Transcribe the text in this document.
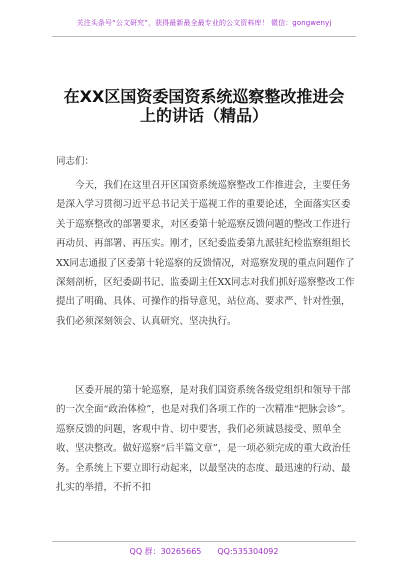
关注头条号“公文研究”，获得最新最全最专业的公文资料库！ 微信：gongwenyj
在XX区国资委国资系统巡察整改推进会
上的讲话（精品）

同志们：

今天，我们在这里召开区国资系统巡察整改工作推进会，主要任务是深入学习贯彻习近平总书记关于巡视工作的重要论述，全面落实区委关于巡察整改的部署要求，对区委第十轮巡察反馈问题的整改工作进行再动员、再部署、再压实。刚才，区纪委监委第九派驻纪检监察组组长XX同志通报了区委第十轮巡察的反馈情况，对巡察发现的重点问题作了深刻剖析，区纪委副书记、监委副主任XX同志对我们抓好巡察整改工作提出了明确、具体、可操作的指导意见，站位高、要求严、针对性强，我们必须深刻领会、认真研究、坚决执行。

区委开展的第十轮巡察，是对我们国资系统各级党组织和领导干部的一次全面“政治体检”，也是对我们各项工作的一次精准“把脉会诊”。巡察反馈的问题，客观中肯、切中要害，我们必须诚恳接受、照单全收、坚决整改。做好巡察“后半篇文章”，是一项必须完成的重大政治任务。全系统上下要立即行动起来，以最坚决的态度、最迅速的行动、最扎实的举措，不折不扣

QQ 群：30265665 QQ:535304092
